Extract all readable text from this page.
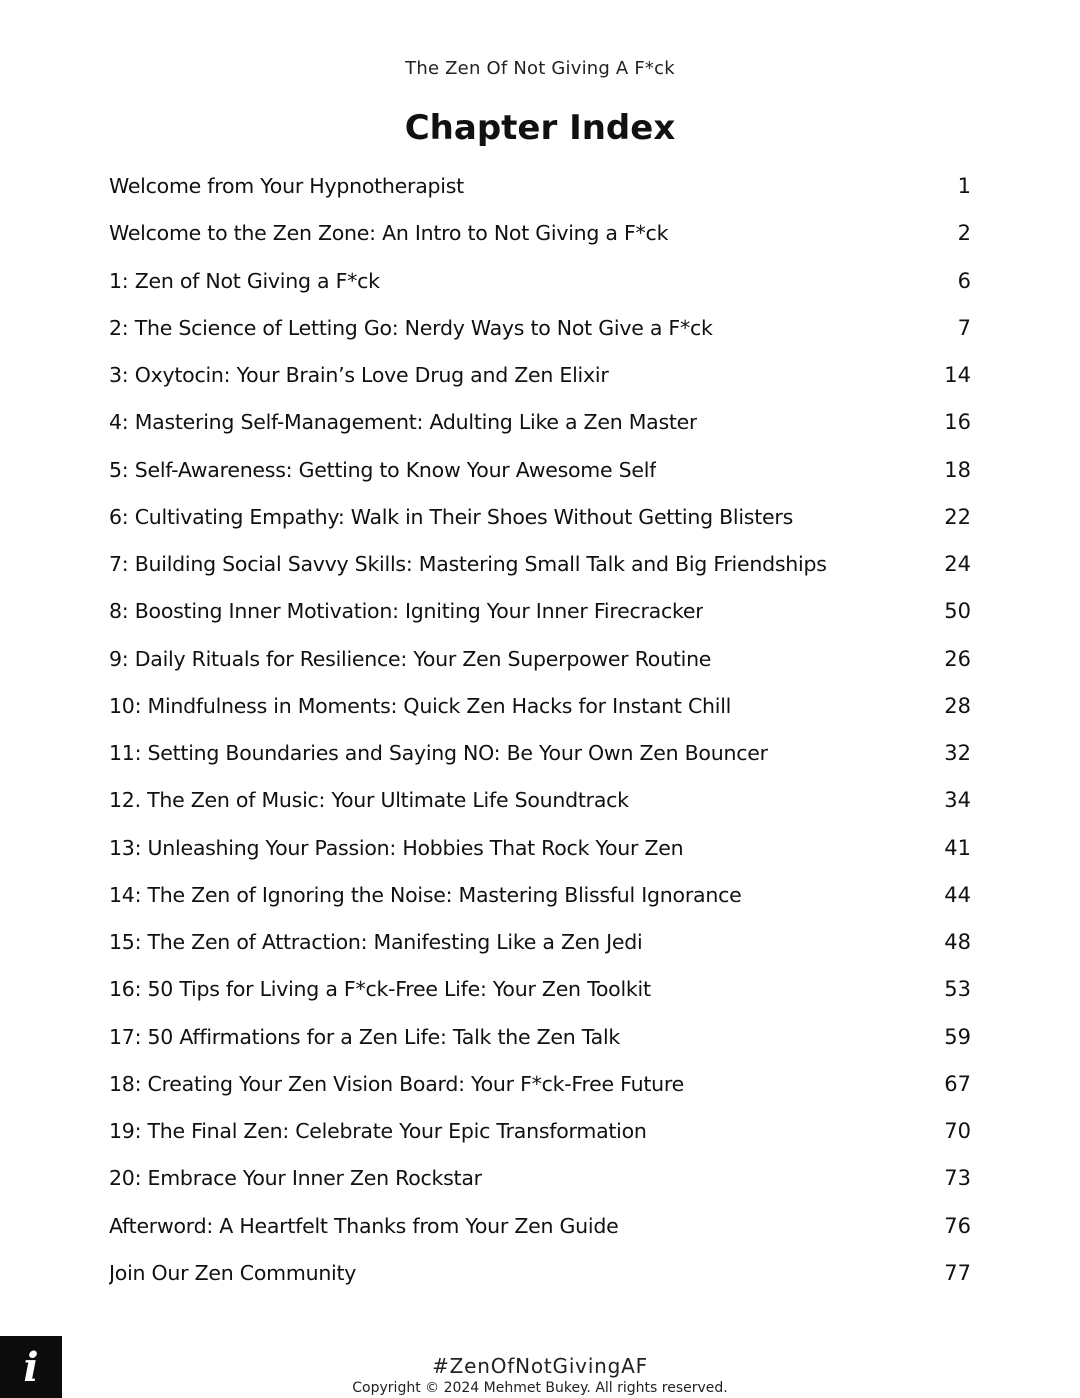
The Zen Of Not Giving A F*ck
Chapter Index
Welcome from Your Hypnotherapist	1
Welcome to the Zen Zone: An Intro to Not Giving a F*ck	2
1: Zen of Not Giving a F*ck	6
2: The Science of Letting Go: Nerdy Ways to Not Give a F*ck	7
3: Oxytocin: Your Brain’s Love Drug and Zen Elixir	14
4: Mastering Self-Management: Adulting Like a Zen Master	16
5: Self-Awareness: Getting to Know Your Awesome Self	18
6: Cultivating Empathy: Walk in Their Shoes Without Getting Blisters	22
7: Building Social Savvy Skills: Mastering Small Talk and Big Friendships	24
8: Boosting Inner Motivation: Igniting Your Inner Firecracker	50
9: Daily Rituals for Resilience: Your Zen Superpower Routine	26
10: Mindfulness in Moments: Quick Zen Hacks for Instant Chill	28
11: Setting Boundaries and Saying NO: Be Your Own Zen Bouncer	32
12. The Zen of Music: Your Ultimate Life Soundtrack	34
13: Unleashing Your Passion: Hobbies That Rock Your Zen	41
14: The Zen of Ignoring the Noise: Mastering Blissful Ignorance	44
15: The Zen of Attraction: Manifesting Like a Zen Jedi	48
16: 50 Tips for Living a F*ck-Free Life: Your Zen Toolkit	53
17: 50 Affirmations for a Zen Life: Talk the Zen Talk	59
18: Creating Your Zen Vision Board: Your F*ck-Free Future	67
19: The Final Zen: Celebrate Your Epic Transformation	70
20: Embrace Your Inner Zen Rockstar	73
Afterword: A Heartfelt Thanks from Your Zen Guide	76
Join Our Zen Community	77
#ZenOfNotGivingAF
Copyright © 2024 Mehmet Bukey. All rights reserved.
i
